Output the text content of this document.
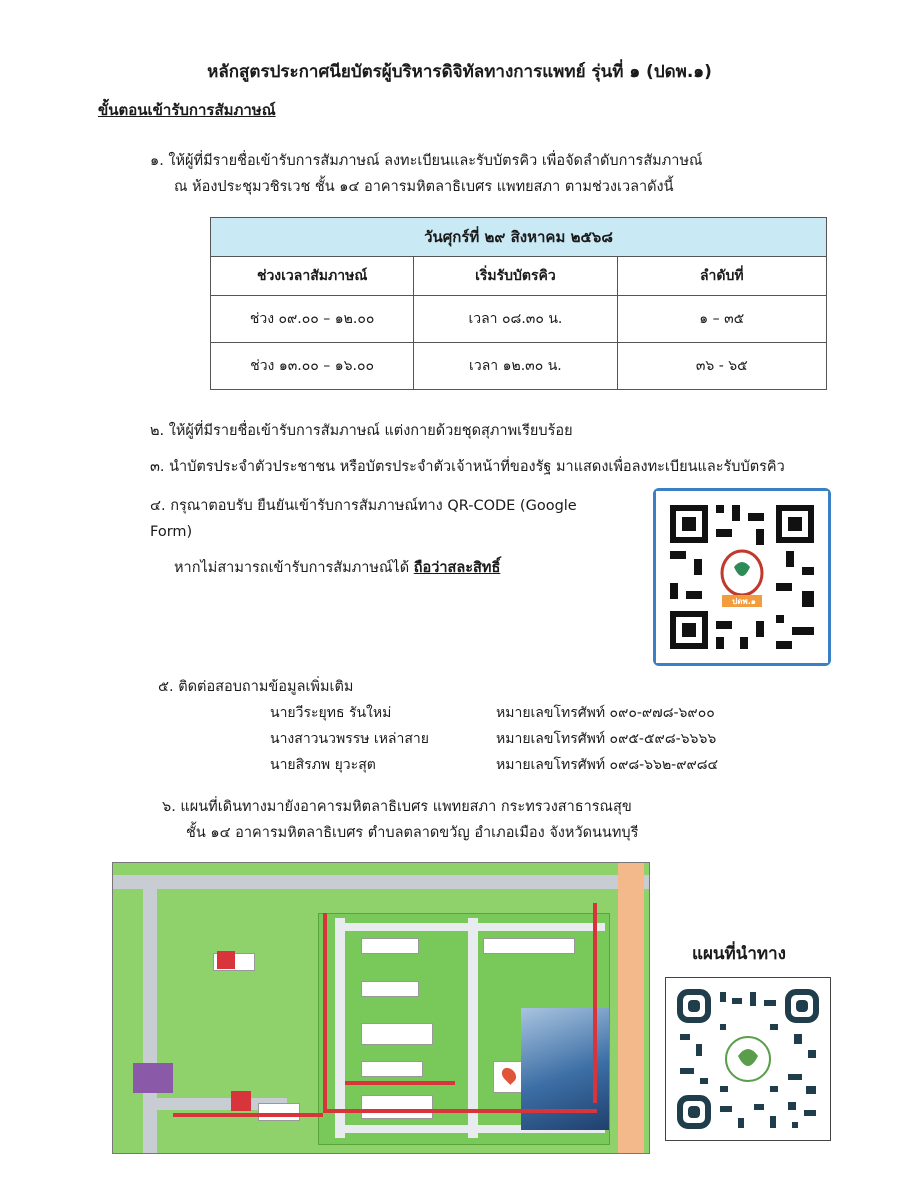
หลักสูตรประกาศนียบัตรผู้บริหารดิจิทัลทางการแพทย์ รุ่นที่ ๑ (ปดพ.๑)
ขั้นตอนเข้ารับการสัมภาษณ์
๑. ให้ผู้ที่มีรายชื่อเข้ารับการสัมภาษณ์ ลงทะเบียนและรับบัตรคิว เพื่อจัดลำดับการสัมภาษณ์
ณ ห้องประชุมวชิรเวช ชั้น ๑๔ อาคารมหิตลาธิเบศร แพทยสภา ตามช่วงเวลาดังนี้
วันศุกร์ที่ ๒๙ สิงหาคม ๒๕๖๘		
ช่วงเวลาสัมภาษณ์	เริ่มรับบัตรคิว	ลำดับที่
ช่วง ๐๙.๐๐ – ๑๒.๐๐	เวลา ๐๘.๓๐ น.	๑ – ๓๕
ช่วง ๑๓.๐๐ – ๑๖.๐๐	เวลา ๑๒.๓๐ น.	๓๖ - ๖๕
๒. ให้ผู้ที่มีรายชื่อเข้ารับการสัมภาษณ์ แต่งกายด้วยชุดสุภาพเรียบร้อย
๓. นำบัตรประจำตัวประชาชน หรือบัตรประจำตัวเจ้าหน้าที่ของรัฐ มาแสดงเพื่อลงทะเบียนและรับบัตรคิว
๔. กรุณาตอบรับ ยืนยันเข้ารับการสัมภาษณ์ทาง QR-CODE (Google Form)
หากไม่สามารถเข้ารับการสัมภาษณ์ได้ ถือว่าสละสิทธิ์
ปดพ.๑
๕. ติดต่อสอบถามข้อมูลเพิ่มเติม
นายวีระยุทธ รันใหม่	หมายเลขโทรศัพท์ ๐๙๐-๙๗๘-๖๙๐๐
นางสาวนวพรรษ เหล่าสาย	หมายเลขโทรศัพท์ ๐๙๕-๕๙๘-๖๖๖๖
นายสิรภพ ยุวะสุต	หมายเลขโทรศัพท์ ๐๙๘-๖๖๒-๙๙๘๔
๖. แผนที่เดินทางมายังอาคารมหิตลาธิเบศร แพทยสภา กระทรวงสาธารณสุข
ชั้น ๑๔ อาคารมหิตลาธิเบศร ตำบลตลาดขวัญ อำเภอเมือง จังหวัดนนทบุรี
แผนที่นำทาง
